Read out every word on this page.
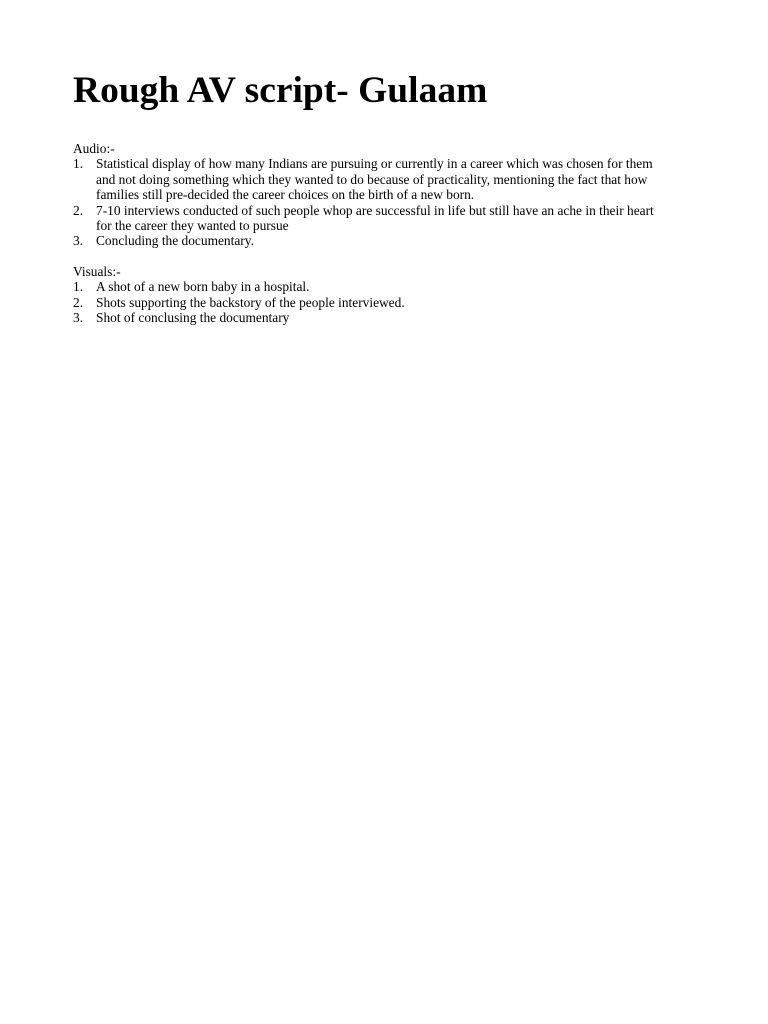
Rough AV script- Gulaam

Audio:-

1. Statistical display of how many Indians are pursuing or currently in a career which was chosen for them
and not doing something which they wanted to do because of practicality, mentioning the fact that how
families still pre-decided the career choices on the birth of a new born.
2. 7-10 interviews conducted of such people whop are successful in life but still have an ache in their heart
for the career they wanted to pursue
3. Concluding the documentary.

Visuals:-

1. A shot of a new born baby in a hospital.
2. Shots supporting the backstory of the people interviewed.
3. Shot of conclusing the documentary
